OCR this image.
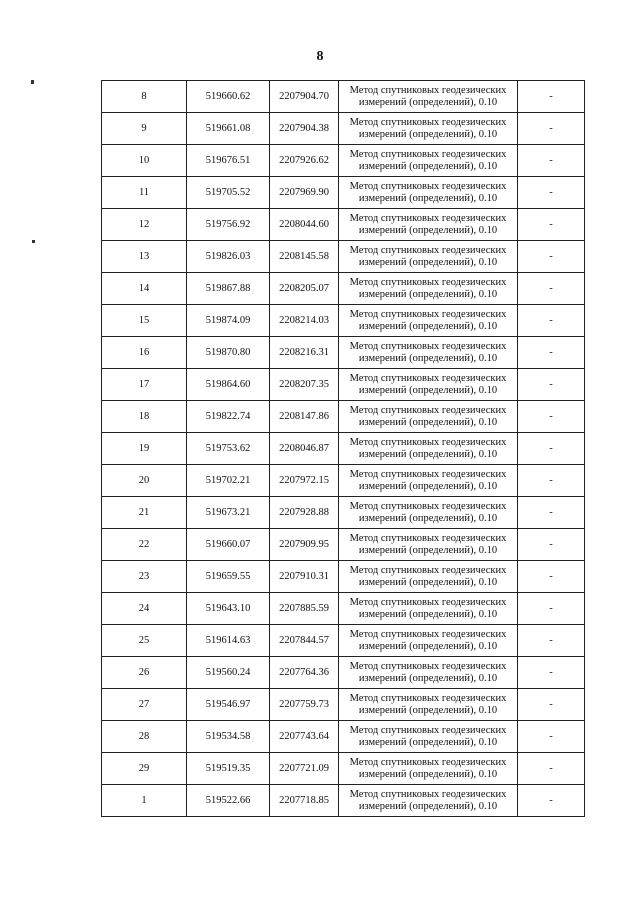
8
8	519660.62	2207904.70	Метод спутниковых геодезических измерений (определений), 0.10	-
9	519661.08	2207904.38	Метод спутниковых геодезических измерений (определений), 0.10	-
10	519676.51	2207926.62	Метод спутниковых геодезических измерений (определений), 0.10	-
11	519705.52	2207969.90	Метод спутниковых геодезических измерений (определений), 0.10	-
12	519756.92	2208044.60	Метод спутниковых геодезических измерений (определений), 0.10	-
13	519826.03	2208145.58	Метод спутниковых геодезических измерений (определений), 0.10	-
14	519867.88	2208205.07	Метод спутниковых геодезических измерений (определений), 0.10	-
15	519874.09	2208214.03	Метод спутниковых геодезических измерений (определений), 0.10	-
16	519870.80	2208216.31	Метод спутниковых геодезических измерений (определений), 0.10	-
17	519864.60	2208207.35	Метод спутниковых геодезических измерений (определений), 0.10	-
18	519822.74	2208147.86	Метод спутниковых геодезических измерений (определений), 0.10	-
19	519753.62	2208046.87	Метод спутниковых геодезических измерений (определений), 0.10	-
20	519702.21	2207972.15	Метод спутниковых геодезических измерений (определений), 0.10	-
21	519673.21	2207928.88	Метод спутниковых геодезических измерений (определений), 0.10	-
22	519660.07	2207909.95	Метод спутниковых геодезических измерений (определений), 0.10	-
23	519659.55	2207910.31	Метод спутниковых геодезических измерений (определений), 0.10	-
24	519643.10	2207885.59	Метод спутниковых геодезических измерений (определений), 0.10	-
25	519614.63	2207844.57	Метод спутниковых геодезических измерений (определений), 0.10	-
26	519560.24	2207764.36	Метод спутниковых геодезических измерений (определений), 0.10	-
27	519546.97	2207759.73	Метод спутниковых геодезических измерений (определений), 0.10	-
28	519534.58	2207743.64	Метод спутниковых геодезических измерений (определений), 0.10	-
29	519519.35	2207721.09	Метод спутниковых геодезических измерений (определений), 0.10	-
1	519522.66	2207718.85	Метод спутниковых геодезических измерений (определений), 0.10	-
